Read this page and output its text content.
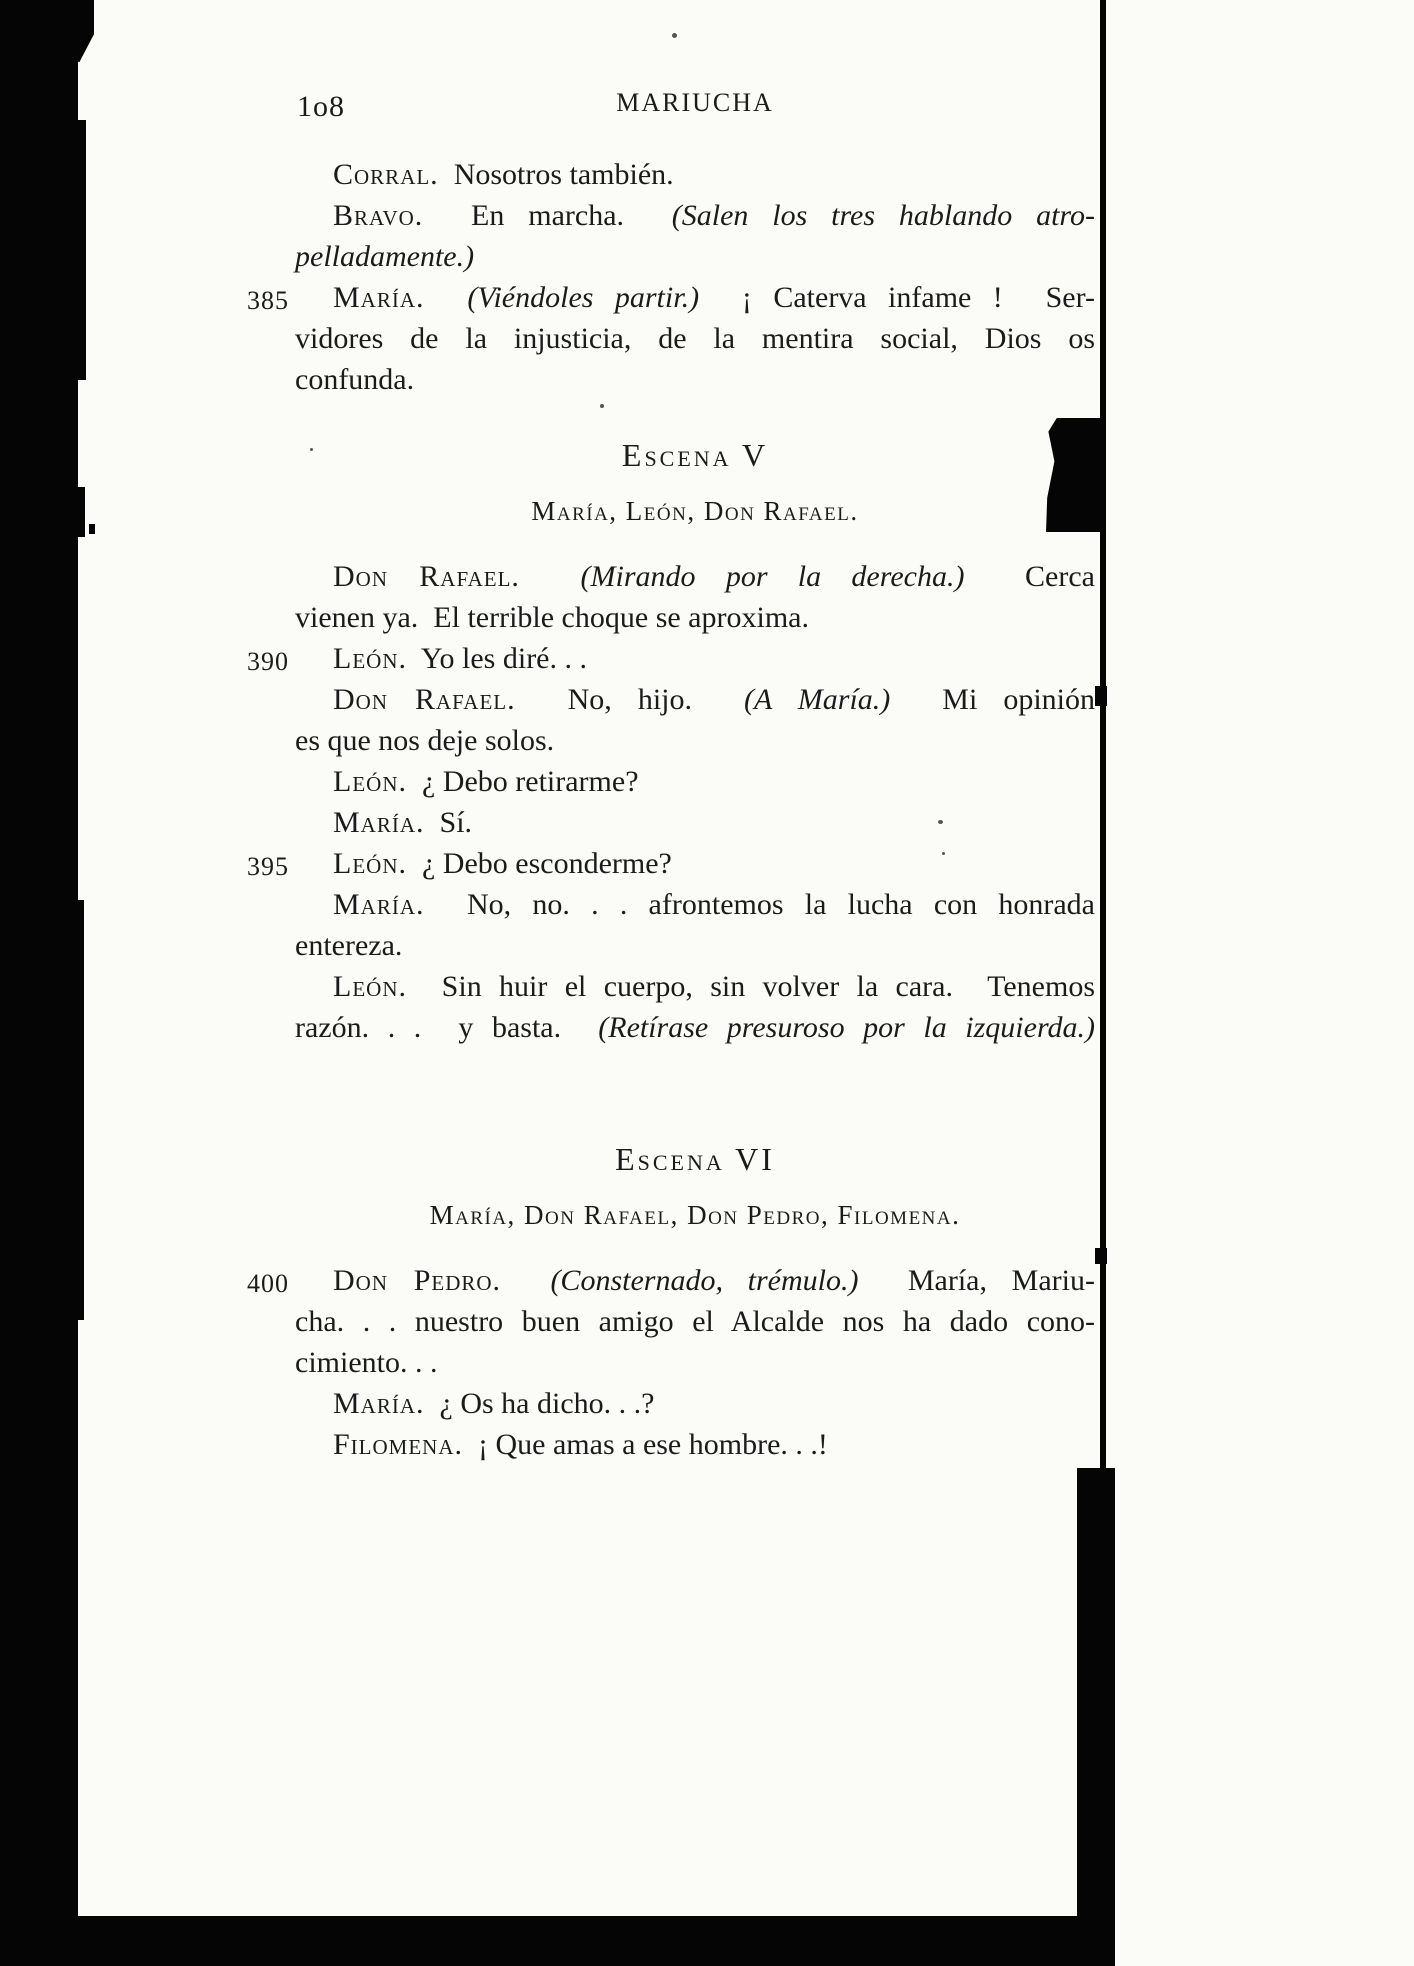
1o8	MARIUCHA
Corral.  Nosotros también.
Bravo.  En marcha.  (Salen los tres hablando atro-
pelladamente.)
385 María.  (Viéndoles partir.)  ¡ Caterva infame !  Ser-
vidores de la injusticia, de la mentira social, Dios os
confunda.
Escena V
María, León, Don Rafael.
Don Rafael.  (Mirando por la derecha.)  Cerca
vienen ya.  El terrible choque se aproxima.
390 León.  Yo les diré. . .
Don Rafael.  No, hijo.  (A María.)  Mi opinión
es que nos deje solos.
León.  ¿ Debo retirarme?
María.  Sí.
395 León.  ¿ Debo esconderme?
María.  No, no. . . afrontemos la lucha con honrada
entereza.
León.  Sin huir el cuerpo, sin volver la cara.  Tenemos
razón. . .  y basta.  (Retírase presuroso por la izquierda.)
Escena VI
María, Don Rafael, Don Pedro, Filomena.
400 Don Pedro.  (Consternado, trémulo.)  María, Mariu-
cha. . . nuestro buen amigo el Alcalde nos ha dado cono-
cimiento. . .
María.  ¿ Os ha dicho. . .?
Filomena.  ¡ Que amas a ese hombre. . .!
